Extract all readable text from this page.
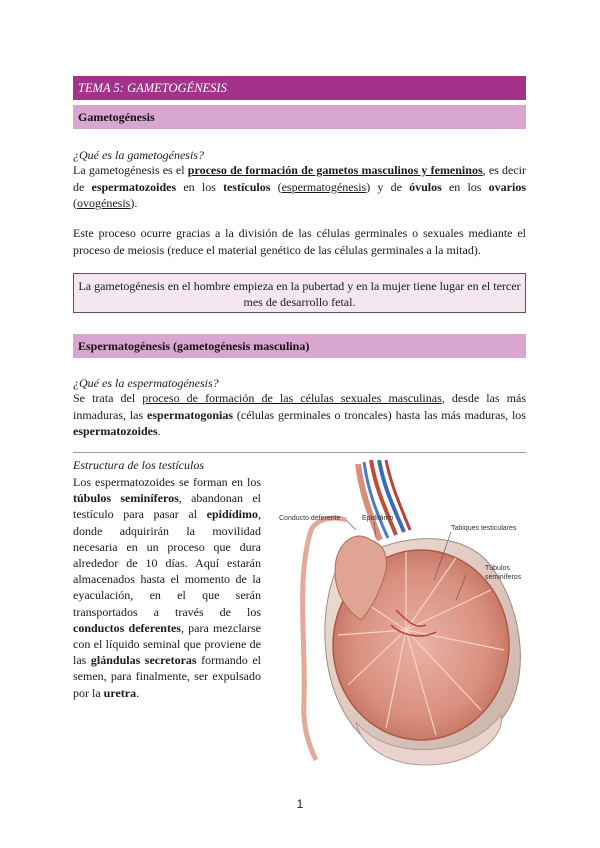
TEMA 5: GAMETOGÉNESIS
Gametogénesis
¿Qué es la gametogénesis?
La gametogénesis es el proceso de formación de gametos masculinos y femeninos, es decir de espermatozoides en los testículos (espermatogénesis) y de óvulos en los ovarios (ovogénesis).
Este proceso ocurre gracias a la división de las células germinales o sexuales mediante el proceso de meiosis (reduce el material genético de las células germinales a la mitad).
La gametogénesis en el hombre empieza en la pubertad y en la mujer tiene lugar en el tercer mes de desarrollo fetal.
Espermatogénesis (gametogénesis masculina)
¿Qué es la espermatogénesis?
Se trata del proceso de formación de las células sexuales masculinas, desde las más inmaduras, las espermatogonias (células germinales o troncales) hasta las más maduras, los espermatozoides.
Estructura de los testículos
Los espermatozoides se forman en los túbulos seminíferos, abandonan el testículo para pasar al epidídimo, donde adquirirán la movilidad necesaria en un proceso que dura alrededor de 10 días. Aquí estarán almacenados hasta el momento de la eyaculación, en el que serán transportados a través de los conductos deferentes, para mezclarse con el líquido seminal que proviene de las glándulas secretoras formando el semen, para finalmente, ser expulsado por la uretra.
Conducto deferente	Epidídimo
Tabiques testiculares
Túbulos
seminíferos
1
